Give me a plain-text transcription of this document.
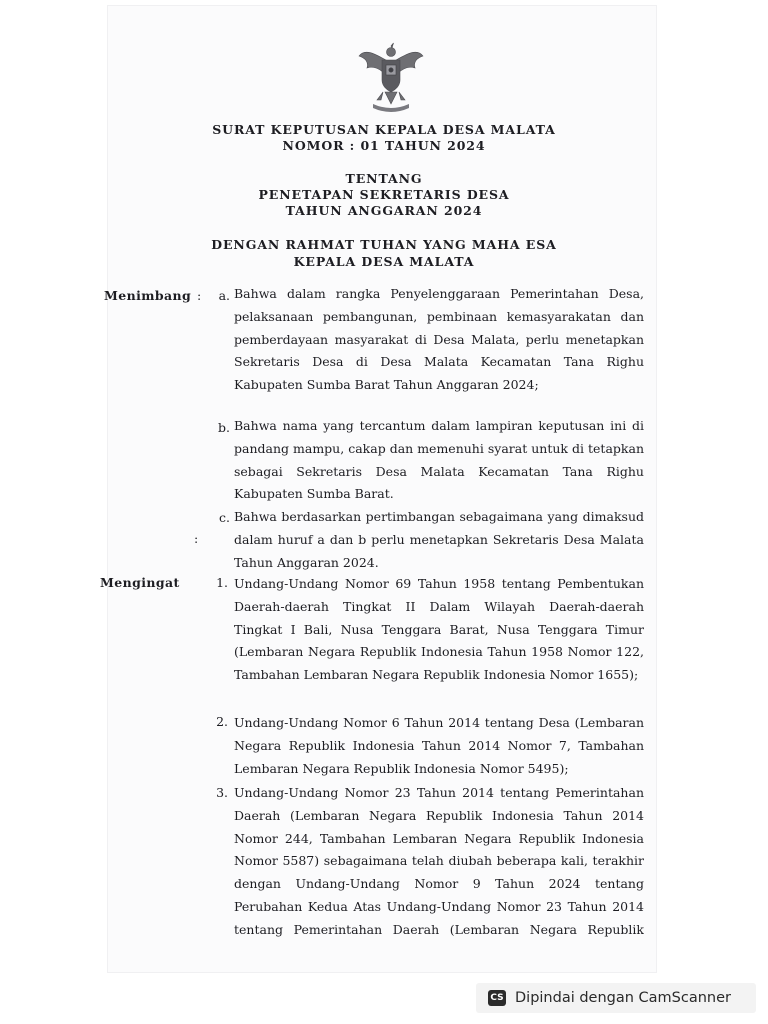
SURAT KEPUTUSAN KEPALA DESA MALATA
NOMOR : 01 TAHUN 2024
TENTANG
PENETAPAN SEKRETARIS DESA
TAHUN ANGGARAN 2024
DENGAN RAHMAT TUHAN YANG MAHA ESA
KEPALA DESA MALATA
Menimbang :	a. Bahwa dalam rangka Penyelenggaraan Pemerintahan Desa, pelaksanaan pembangunan, pembinaan kemasyarakatan dan pemberdayaan masyarakat di Desa Malata, perlu menetapkan Sekretaris Desa di Desa Malata Kecamatan Tana Righu Kabupaten Sumba Barat Tahun Anggaran 2024;

b. Bahwa nama yang tercantum dalam lampiran keputusan ini di pandang mampu, cakap dan memenuhi syarat untuk di tetapkan sebagai Sekretaris Desa Malata Kecamatan Tana Righu Kabupaten Sumba Barat.

c. Bahwa berdasarkan pertimbangan sebagaimana yang dimaksud dalam huruf a dan b perlu menetapkan Sekretaris Desa Malata Tahun Anggaran 2024.

:
Mengingat	1. Undang-Undang Nomor 69 Tahun 1958 tentang Pembentukan Daerah-daerah Tingkat II Dalam Wilayah Daerah-daerah Tingkat I Bali, Nusa Tenggara Barat, Nusa Tenggara Timur (Lembaran Negara Republik Indonesia Tahun 1958 Nomor 122, Tambahan Lembaran Negara Republik Indonesia Nomor 1655);

2. Undang-Undang Nomor 6 Tahun 2014 tentang Desa (Lembaran Negara Republik Indonesia Tahun 2014 Nomor 7, Tambahan Lembaran Negara Republik Indonesia Nomor 5495);

3. Undang-Undang Nomor 23 Tahun 2014 tentang Pemerintahan Daerah (Lembaran Negara Republik Indonesia Tahun 2014 Nomor 244, Tambahan Lembaran Negara Republik Indonesia Nomor 5587) sebagaimana telah diubah beberapa kali, terakhir dengan Undang-Undang Nomor 9 Tahun 2024 tentang Perubahan Kedua Atas Undang-Undang Nomor 23 Tahun 2014 tentang Pemerintahan Daerah (Lembaran Negara Republik

CS Dipindai dengan CamScanner
